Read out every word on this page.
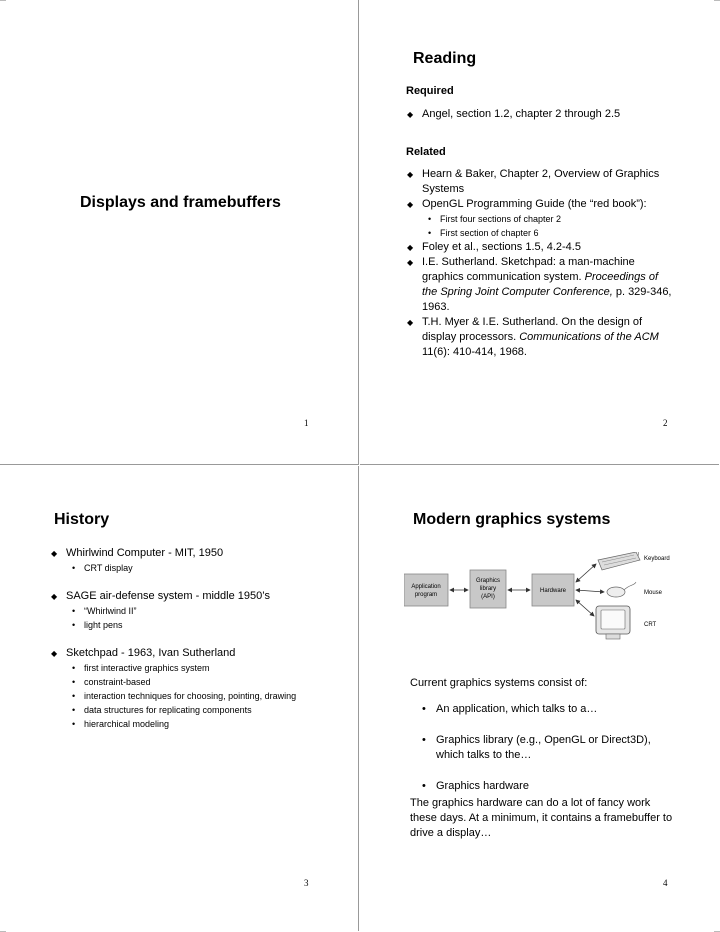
Displays and framebuffers
1
Reading
Required
◆ Angel, section 1.2, chapter 2 through 2.5
Related
◆ Hearn & Baker, Chapter 2, Overview of Graphics Systems
◆ OpenGL Programming Guide (the “red book”):
• First four sections of chapter 2
• First section of chapter 6
◆ Foley et al., sections 1.5, 4.2-4.5
◆ I.E. Sutherland. Sketchpad: a man-machine graphics communication system. Proceedings of the Spring Joint Computer Conference, p. 329-346, 1963.
◆ T.H. Myer & I.E. Sutherland. On the design of display processors. Communications of the ACM 11(6): 410-414, 1968.
2
History
◆ Whirlwind Computer - MIT, 1950
• CRT display
◆ SAGE air-defense system - middle 1950’s
• “Whirlwind II”
• light pens
◆ Sketchpad - 1963, Ivan Sutherland
• first interactive graphics system
• constraint-based
• interaction techniques for choosing, pointing, drawing
• data structures for replicating components
• hierarchical modeling
3
Modern graphics systems
Application
program
Graphics
library
(API)
Hardware
Keyboard
Mouse
CRT
Current graphics systems consist of:
• An application, which talks to a…
• Graphics library (e.g., OpenGL or Direct3D), which talks to the…
• Graphics hardware
The graphics hardware can do a lot of fancy work these days. At a minimum, it contains a framebuffer to drive a display…
4
